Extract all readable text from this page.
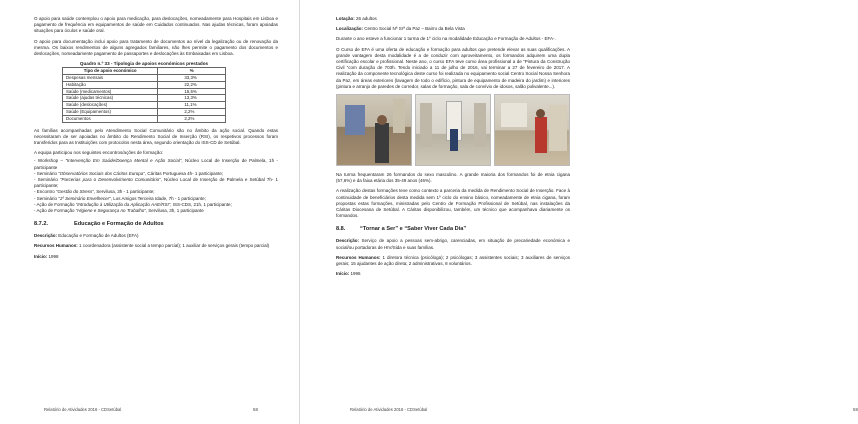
O apoio para saúde contemplou o apoio para medicação, para deslocações, nomeadamente para Hospitais em Lisboa e pagamento de frequência em equipamentos de saúde em Cuidados continuados. Nas ajudas técnicas, foram apoiadas situações para óculos e saúde oral.

O apoio para documentação inclui apoio para tratamento de documentos ao nível da legalização ou de renovação da mesma. Os baixos rendimentos de alguns agregados familiares, não lhes permite o pagamento dos documentos e deslocações, nomeadamente pagamento de passaportes e deslocações às Embaixadas em Lisboa.

Quadro n.º 33 - Tipologia de apoios económicos prestados
Tipo de apoio económico	%
Despesas mensais	33,3%
Habitação	22,2%
Saúde (medicamentos)	15,5%
Saúde (ajudas técnicas)	13,3%
Saúde (deslocações)	11,1%
Saúde (Equipamentos)	2,2%
Documentos	2,2%

As famílias acompanhadas pelo Atendimento Social Comunitário são no âmbito da ação social. Quando estas necessitaram de ser apoiadas no âmbito do Rendimento Social de Inserção (RSI), os respetivos processos foram transferidos para as Instituições com protocolos nesta área, segundo orientação do ISS-CD de Setúbal.

A equipa participou nos seguintes encontros/ações de formação:

- Workshop – “Intervenção Em Saúde/Doença Mental e Ação Social”, Núcleo Local de Inserção de Palmela, 1h - participante
- Seminário “Observatórios Sociais dos Cáritos Europa”, Cáritas Portuguesa 4h- 1 participante;
- Seminário “Parcerias para o Desenvolvimento Comunitário”, Núcleo Local de Inserção de Palmela e Setúbal 7h- 1 participante;
- Encontro “Gestão do Stress”, Servilusa, 3h - 1 participante;
- Seminário “1º Seminário Envelhecer”, Los Amigos Terceira Idade, 7h - 1 participante;
- Ação de Formação “Introdução à Utilização da Aplicação AAE/RSI”, ISS-CDS, 21h, 1 participante;
- Ação de Formação “Higiene e Segurança no Trabalho”, Servilusa, 3h, 1 participante
8.7.2.	Educação e Formação de Adultos

Descrição: Educação e Formação de Adultos (EFA)

Recursos Humanos: 1 coordenadora (assistente social a tempo parcial); 1 auxiliar de serviços gerais (tempo parcial)

Início: 1998

Relatório de Atividades 2016 - CDSetúbal	58

Lotação: 26 adultos

Localização: Centro Social Nª Srª da Paz – Bairro da Bela Vista

Durante o ano esteve a funcionar 1 turma de 1º ciclo na modalidade Educação e Formação de Adultos - EFA-.

O Curso de EFA é uma oferta de educação e formação para adultos que pretende elevar as suas qualificações. A grande vantagem desta modalidade é a de conduzir com aproveitamento, os formandos adquirem uma dupla certificação escolar e profissional. Neste ano, o curso EFA teve como área profissional a de “Pintura da Construção Civil “com duração de 703h. Tendo iniciado a 11 de julho de 2016, vai terminar a 27 de fevereiro de 2017. A realização da componente tecnológica deste curso foi realizada no equipamento social Centro Social Nossa Senhora da Paz, em áreas exteriores (lavagem de todo o edifício, pintura de equipamento de madeira do jardim) e interiores (pintura e arranjo de paredes de corredor, salas de formação, sala de convívio de idosos, salão polivalente...).

Na turma frequentaram 26 formandos do sexo masculino. A grande maioria dos formandos foi de etnia cigana (57,6%) e da faixa etária dos 35-49 anos (46%).

A realização destas formações teve como contexto a parceria da medida de Rendimento Social de Inserção. Face à continuidade de beneficiários desta medida sem 1º ciclo do ensino básico, nomeadamente de etnia cigana, foram propostas estas formações, ministradas pelo Centro de Formação Profissional de Setúbal, nas instalações da Cáritas Diocesana de Setúbal. A Cáritas disponibilizou, também, um técnico que acompanhava diariamente os formandos.

8.8.	“Tornar a Ser” e “Saber Viver Cada Dia”

Descrição: Serviço de apoio a pessoas sem-abrigo, carenciadas, em situação de precariedade económica e social/ou portadoras de HIV/Sida e suas famílias.

Recursos Humanos: 1 diretora técnica (psicóloga); 2 psicólogas; 3 assistentes sociais; 3 auxiliares de serviços gerais; 15 ajudantes de ação direta; 2 administrativas, 8 voluntários.

Início: 1996

Relatório de Atividades 2016 - CDSetúbal	59
